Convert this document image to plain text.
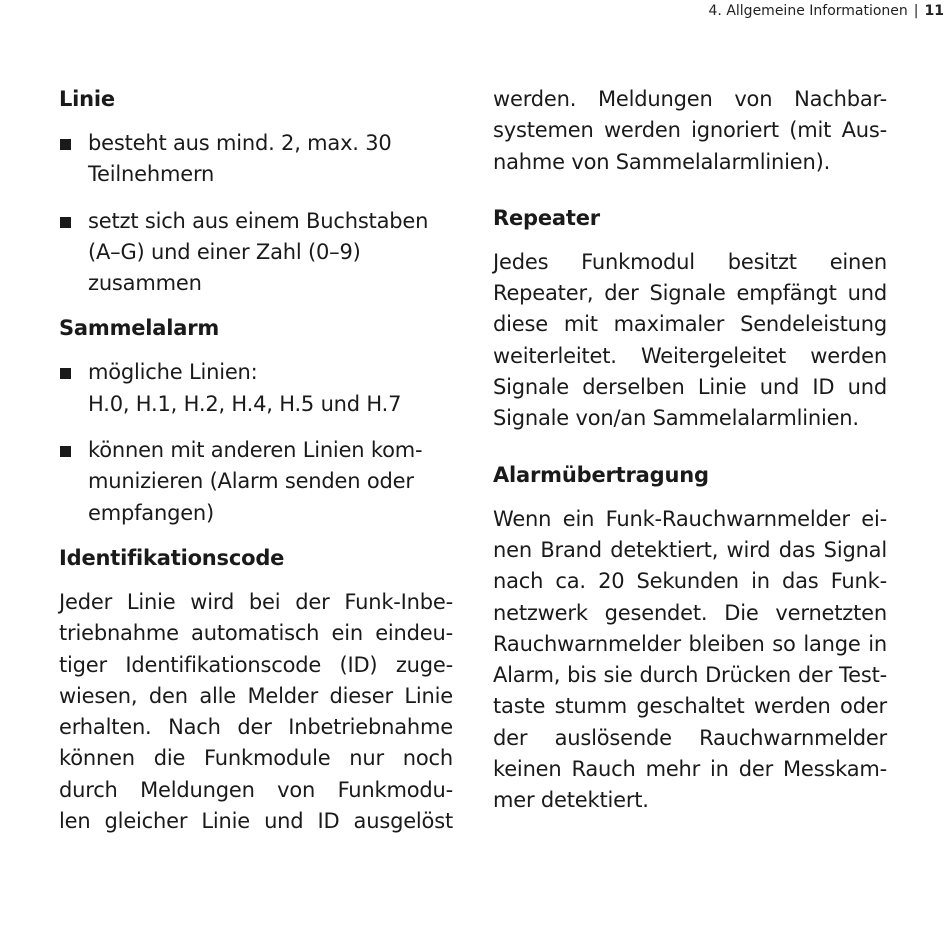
4. Allgemeine Informationen | 11
Linie
besteht aus mind. 2, max. 30
Teilnehmern
setzt sich aus einem Buchstaben
(A–G) und einer Zahl (0–9)
zusammen
Sammelalarm
mögliche Linien:
H.0, H.1, H.2, H.4, H.5 und H.7
können mit anderen Linien kom-
munizieren (Alarm senden oder
empfangen)
Identifikationscode

Jeder Linie wird bei der Funk-Inbe-
triebnahme automatisch ein eindeu-
tiger Identifikationscode (ID) zuge-
wiesen, den alle Melder dieser Linie
erhalten. Nach der Inbetriebnahme
können die Funkmodule nur noch
durch Meldungen von Funkmodu-
len gleicher Linie und ID ausgelöst

werden. Meldungen von Nachbar-
systemen werden ignoriert (mit Aus-
nahme von Sammelalarmlinien).

Repeater

Jedes Funkmodul besitzt einen
Repeater, der Signale empfängt und
diese mit maximaler Sendeleistung
weiterleitet. Weitergeleitet werden
Signale derselben Linie und ID und
Signale von/an Sammelalarmlinien.

Alarmübertragung

Wenn ein Funk-Rauchwarnmelder ei-
nen Brand detektiert, wird das Signal
nach ca. 20 Sekunden in das Funk-
netzwerk gesendet. Die vernetzten
Rauchwarnmelder bleiben so lange in
Alarm, bis sie durch Drücken der Test-
taste stumm geschaltet werden oder
der auslösende Rauchwarnmelder
keinen Rauch mehr in der Messkam-
mer detektiert.
